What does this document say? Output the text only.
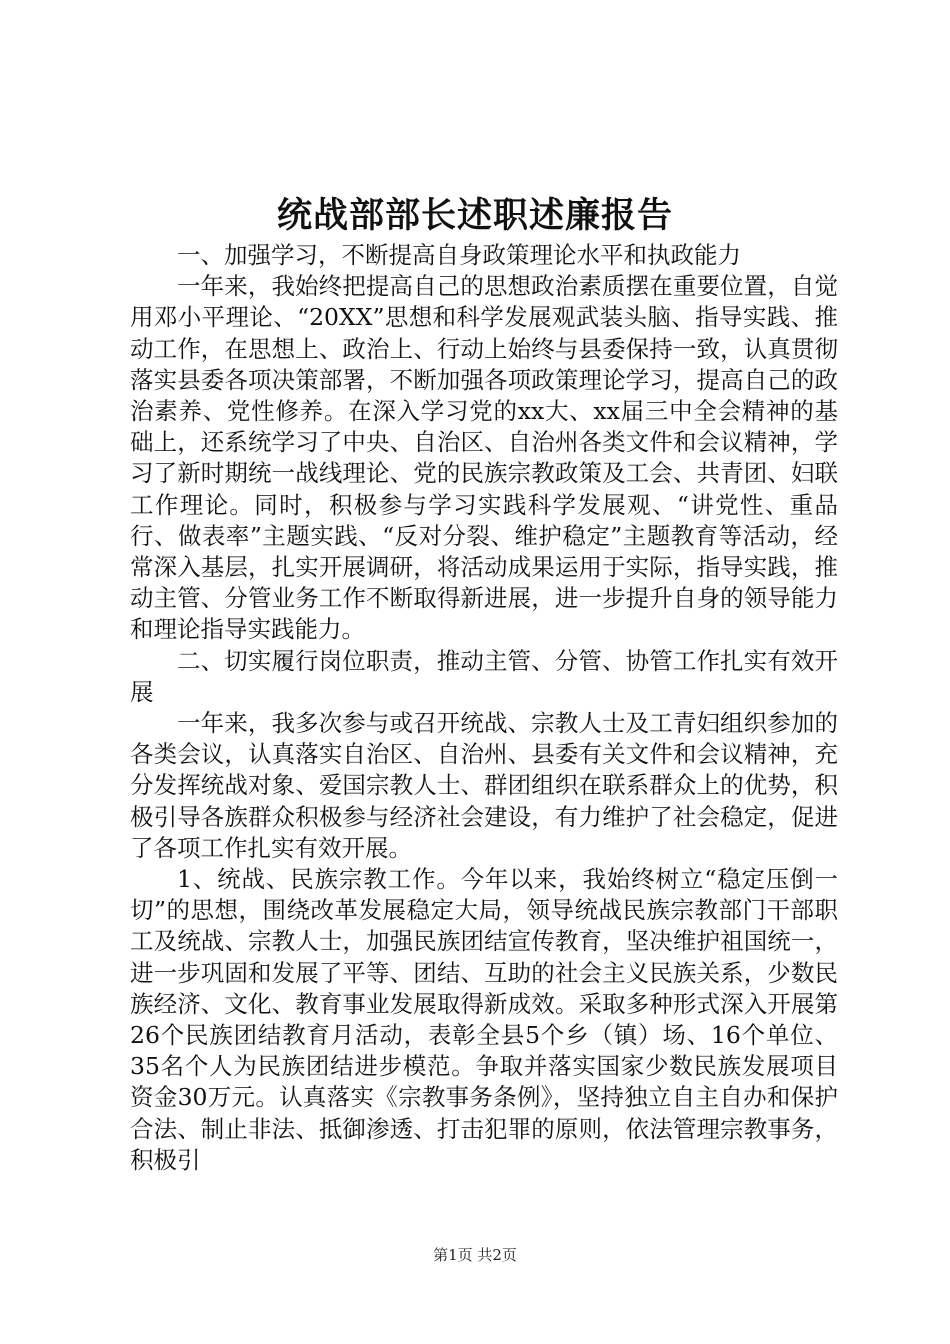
统战部部长述职述廉报告

一、加强学习，不断提高自身政策理论水平和执政能力

一年来，我始终把提高自己的思想政治素质摆在重要位置，自觉用邓小平理论、“20XX”思想和科学发展观武装头脑、指导实践、推动工作，在思想上、政治上、行动上始终与县委保持一致，认真贯彻落实县委各项决策部署，不断加强各项政策理论学习，提高自己的政治素养、党性修养。在深入学习党的xx大、xx届三中全会精神的基础上，还系统学习了中央、自治区、自治州各类文件和会议精神，学习了新时期统一战线理论、党的民族宗教政策及工会、共青团、妇联工作理论。同时，积极参与学习实践科学发展观、“讲党性、重品行、做表率”主题实践、“反对分裂、维护稳定”主题教育等活动，经常深入基层，扎实开展调研，将活动成果运用于实际，指导实践，推动主管、分管业务工作不断取得新进展，进一步提升自身的领导能力和理论指导实践能力。

二、切实履行岗位职责，推动主管、分管、协管工作扎实有效开展

一年来，我多次参与或召开统战、宗教人士及工青妇组织参加的各类会议，认真落实自治区、自治州、县委有关文件和会议精神，充分发挥统战对象、爱国宗教人士、群团组织在联系群众上的优势，积极引导各族群众积极参与经济社会建设，有力维护了社会稳定，促进了各项工作扎实有效开展。

1、统战、民族宗教工作。今年以来，我始终树立“稳定压倒一切”的思想，围绕改革发展稳定大局，领导统战民族宗教部门干部职工及统战、宗教人士，加强民族团结宣传教育，坚决维护祖国统一，进一步巩固和发展了平等、团结、互助的社会主义民族关系，少数民族经济、文化、教育事业发展取得新成效。采取多种形式深入开展第26个民族团结教育月活动，表彰全县5个乡（镇）场、16个单位、35名个人为民族团结进步模范。争取并落实国家少数民族发展项目资金30万元。认真落实《宗教事务条例》，坚持独立自主自办和保护合法、制止非法、抵御渗透、打击犯罪的原则，依法管理宗教事务，积极引

第1页 共2页
